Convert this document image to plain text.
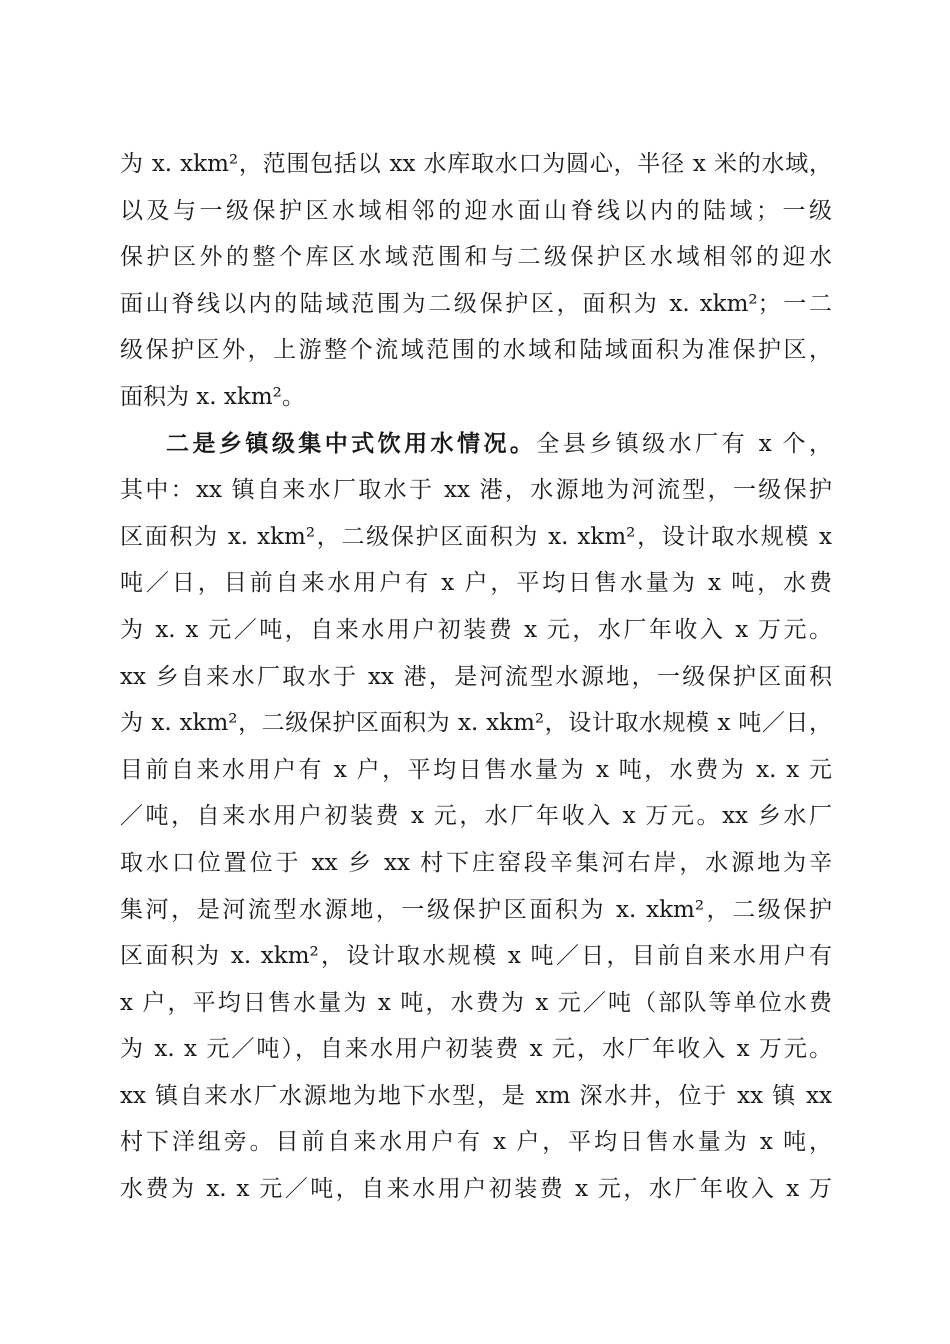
为 x. xkm²，范围包括以 xx 水库取水口为圆心，半径 x 米的水域，
以及与一级保护区水域相邻的迎水面山脊线以内的陆域；一级
保护区外的整个库区水域范围和与二级保护区水域相邻的迎水
面山脊线以内的陆域范围为二级保护区，面积为 x. xkm²；一二
级保护区外，上游整个流域范围的水域和陆域面积为准保护区，
面积为 x. xkm²。
二是乡镇级集中式饮用水情况。全县乡镇级水厂有 x 个，
其中：xx 镇自来水厂取水于 xx 港，水源地为河流型，一级保护
区面积为 x. xkm²，二级保护区面积为 x. xkm²，设计取水规模 x
吨／日，目前自来水用户有 x 户，平均日售水量为 x 吨，水费
为 x. x 元／吨，自来水用户初装费 x 元，水厂年收入 x 万元。
xx 乡自来水厂取水于 xx 港，是河流型水源地，一级保护区面积
为 x. xkm²，二级保护区面积为 x. xkm²，设计取水规模 x 吨／日，
目前自来水用户有 x 户，平均日售水量为 x 吨，水费为 x. x 元
／吨，自来水用户初装费 x 元，水厂年收入 x 万元。xx 乡水厂
取水口位置位于 xx 乡 xx 村下庄窑段辛集河右岸，水源地为辛
集河，是河流型水源地，一级保护区面积为 x. xkm²，二级保护
区面积为 x. xkm²，设计取水规模 x 吨／日，目前自来水用户有
x 户，平均日售水量为 x 吨，水费为 x 元／吨（部队等单位水费
为 x. x 元／吨），自来水用户初装费 x 元，水厂年收入 x 万元。
xx 镇自来水厂水源地为地下水型，是 xm 深水井，位于 xx 镇 xx
村下洋组旁。目前自来水用户有 x 户，平均日售水量为 x 吨，
水费为 x. x 元／吨，自来水用户初装费 x 元，水厂年收入 x 万
